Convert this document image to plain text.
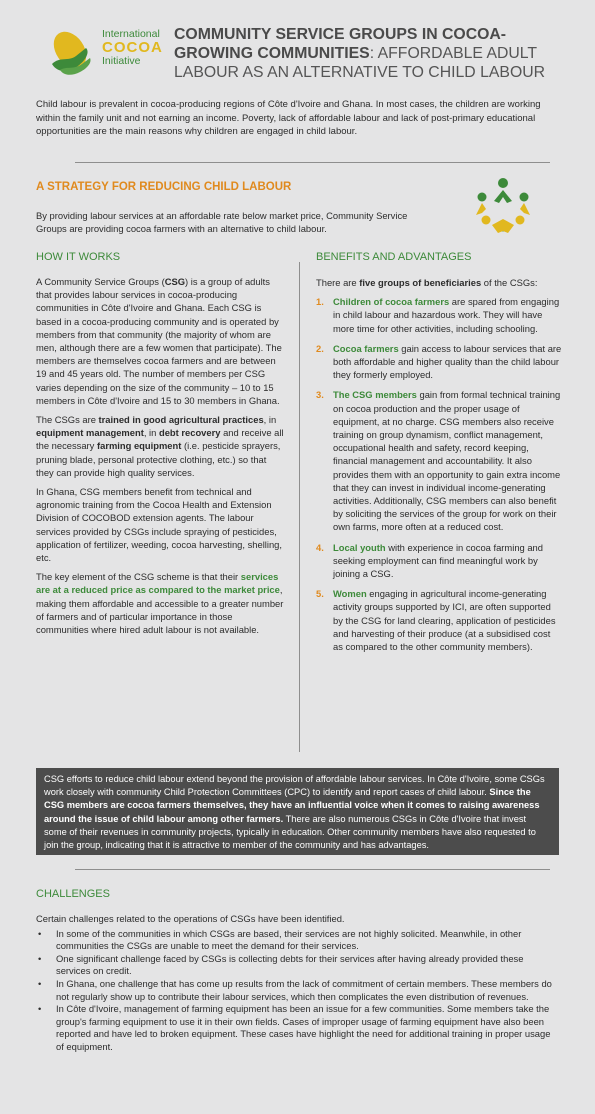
International
COCOA
Initiative
COMMUNITY SERVICE GROUPS IN COCOA-GROWING COMMUNITIES: AFFORDABLE ADULT LABOUR AS AN ALTERNATIVE TO CHILD LABOUR

Child labour is prevalent in cocoa-producing regions of Côte d'Ivoire and Ghana. In most cases, the children are working within the family unit and not earning an income. Poverty, lack of affordable labour and lack of post-primary educational opportunities are the main reasons why children are engaged in child labour.

A STRATEGY FOR REDUCING CHILD LABOUR

By providing labour services at an affordable rate below market price, Community Service Groups are providing cocoa farmers with an alternative to child labour.

HOW IT WORKS

A Community Service Groups (CSG) is a group of adults that provides labour services in cocoa-producing communities in Côte d'Ivoire and Ghana. Each CSG is based in a cocoa-producing community and is operated by members from that community (the majority of whom are men, although there are a few women that participate). The members are themselves cocoa farmers and are between 19 and 45 years old. The number of members per CSG varies depending on the size of the community – 10 to 15 members in Côte d'Ivoire and 15 to 30 members in Ghana.

The CSGs are trained in good agricultural practices, in equipment management, in debt recovery and receive all the necessary farming equipment (i.e. pesticide sprayers, pruning blade, personal protective clothing, etc.) so that they can provide high quality services.

In Ghana, CSG members benefit from technical and agronomic training from the Cocoa Health and Extension Division of COCOBOD extension agents. The labour services provided by CSGs include spraying of pesticides, application of fertilizer, weeding, cocoa harvesting, shelling, etc.

The key element of the CSG scheme is that their services are at a reduced price as compared to the market price, making them affordable and accessible to a greater number of farmers and of particular importance in those communities where hired adult labour is not available.

BENEFITS AND ADVANTAGES

There are five groups of beneficiaries of the CSGs:

1. Children of cocoa farmers are spared from engaging in child labour and hazardous work. They will have more time for other activities, including schooling.
2. Cocoa farmers gain access to labour services that are both affordable and higher quality than the child labour they formerly employed.
3. The CSG members gain from formal technical training on cocoa production and the proper usage of equipment, at no charge. CSG members also receive training on group dynamism, conflict management, occupational health and safety, record keeping, financial management and accountability. It also provides them with an opportunity to gain extra income that they can invest in individual income-generating activities. Additionally, CSG members can also benefit by soliciting the services of the group for work on their own farms, more often at a reduced cost.
4. Local youth with experience in cocoa farming and seeking employment can find meaningful work by joining a CSG.
5. Women engaging in agricultural income-generating activity groups supported by ICI, are often supported by the CSG for land clearing, application of pesticides and harvesting of their produce (at a subsidised cost as compared to the other community members).
CSG efforts to reduce child labour extend beyond the provision of affordable labour services. In Côte d'Ivoire, some CSGs work closely with community Child Protection Committees (CPC) to identify and report cases of child labour. Since the CSG members are cocoa farmers themselves, they have an influential voice when it comes to raising awareness around the issue of child labour among other farmers. There are also numerous CSGs in Côte d'Ivoire that invest some of their revenues in community projects, typically in education. Other community members have also requested to join the group, indicating that it is attractive to member of the community and has advantages.
CHALLENGES

Certain challenges related to the operations of CSGs have been identified.

• In some of the communities in which CSGs are based, their services are not highly solicited. Meanwhile, in other communities the CSGs are unable to meet the demand for their services.
• One significant challenge faced by CSGs is collecting debts for their services after having already provided these services on credit.
• In Ghana, one challenge that has come up results from the lack of commitment of certain members. These members do not regularly show up to contribute their labour services, which then complicates the even distribution of revenues.
• In Côte d'Ivoire, management of farming equipment has been an issue for a few communities. Some members take the group's farming equipment to use it in their own fields. Cases of improper usage of farming equipment have also been reported and have led to broken equipment. These cases have highlight the need for additional training in proper usage of equipment.
